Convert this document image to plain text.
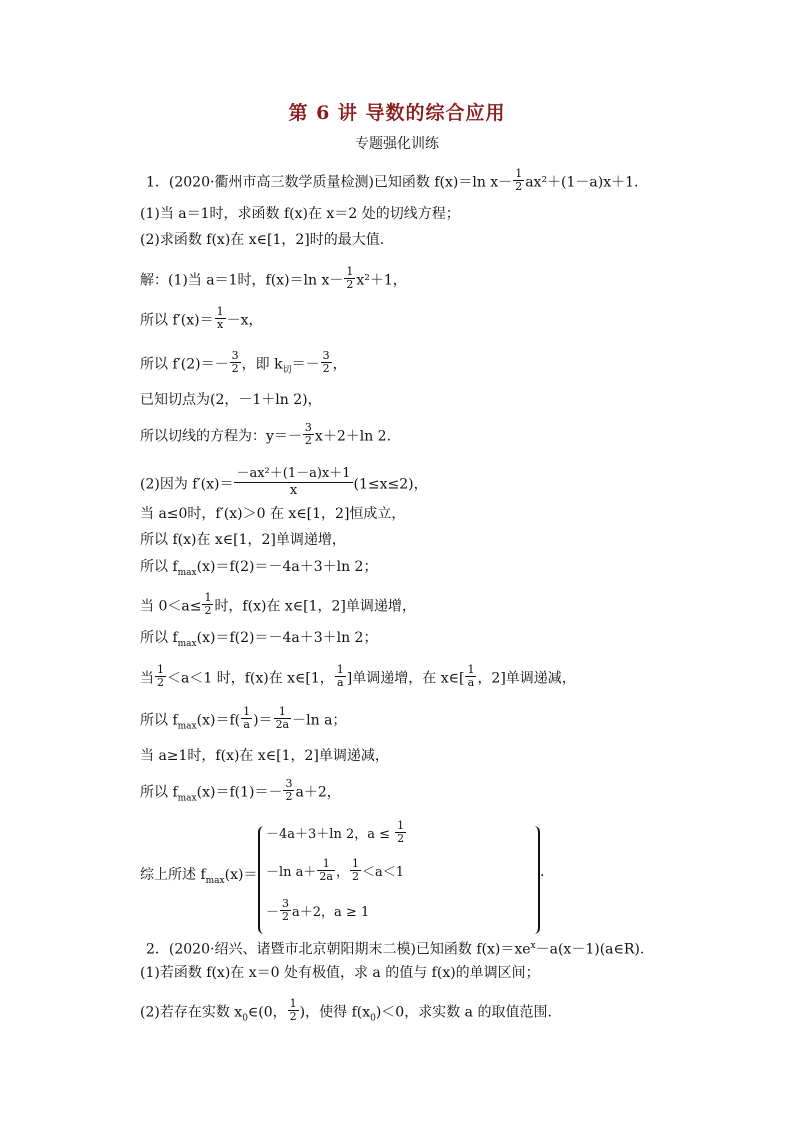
第 6 讲 导数的综合应用
专题强化训练
1．(2020·衢州市高三数学质量检测)已知函数 f(x)＝ln $x- \frac{1}{2} ax^2+(1-a)x+1$.
(1)当 a＝1时，求函数 f(x)在 x＝2 处的切线方程；
(2)求函数 f(x)在 x∈[1，2]时的最大值.
解：(1)当 a＝1时，f(x)＝ln $x- \frac{1}{2} x^2+1$，
所以 $f'(x)= \frac{1}{x} -x$，
所以 $f'(2)=- \frac{3}{2}$ ，即 $k_切=- \frac{3}{2}$ ，
已知切点为(2，－1＋ln 2)，
所以切线的方程为：$y=- \frac{3}{2} x+2+\ln$ 2.
(2)因为 $f'(x)= \frac{\text{－ax²＋(1－a)x＋1}}{x} (1\le x\le 2)$，
当 a≤0时，f′(x)＞0 在 x∈[1，2]恒成立，
所以 f(x)在 x∈[1，2]单调递增，
所以 $f_{max}(x)=f(2)=-4a+3+\ln$ 2；
当 $0<a\le \frac{1}{2}$ 时，f(x)在 x∈[1，2]单调递增，
所以 $f_{max}(x)=f(2)=-4a+3+\ln$ 2；
当 $\frac{1}{2} <a<1$ 时，f(x)在 x∈[1， $\frac{1}{a}$ ]单调递增，在 x∈[ $\frac{1}{a}$ ，2]单调递减，
所以 $f_{max}(x)=f( \frac{1}{a}$ )＝ $\frac{1}{2a} -\ln$ a；
当 a≥1时，f(x)在 x∈[1，2]单调递减，
所以 $f_{max}(x)=f(1)=- \frac{3}{2} a+2$，
综上所述 $f_{max}(x)=$
－4a＋3＋ln 2，$a \le \frac{1}{2}$
－ln $a+ \frac{1}{2a}$ ， $\frac{1}{2} <a<1$
－ $\frac{3}{2} a+2$，a ≥ 1
.
2．(2020·绍兴、诸暨市北京朝阳期末二模)已知函数 $f(x)=xe^x-a(x-1)(a\in R)$.
(1)若函数 f(x)在 x＝0 处有极值，求 a 的值与 f(x)的单调区间；
(2)若存在实数 $x_0\in(0$， $\frac{1}{2}$ )，使得 $f(x_0)<0$，求实数 a 的取值范围.
